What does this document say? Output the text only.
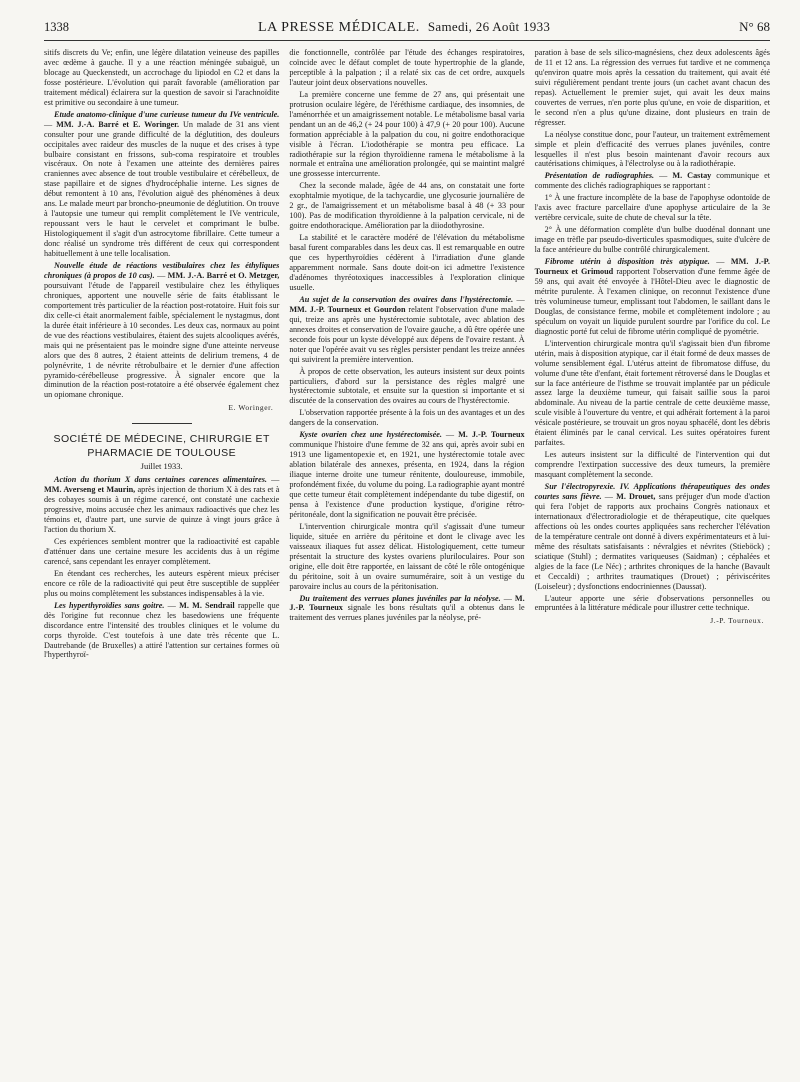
1338	LA PRESSE MÉDICALE. Samedi, 26 Août 1933	N° 68

sitifs discrets du Ve; enfin, une légère dilatation veineuse des papilles avec œdème à gauche. Il y a une réaction méningée subaiguë, un blocage au Queckenstedt, un accrochage du lipiodol en C2 et dans la fosse postérieure. L'évolution qui paraît favorable (amélioration par traitement médical) éclairera sur la question de savoir si l'arachnoïdite est primitive ou secondaire à une tumeur.

Etude anatomo-clinique d'une curieuse tumeur du IVe ventricule. — MM. J.-A. Barré et E. Woringer. Un malade de 31 ans vient consulter pour une grande difficulté de la déglutition, des douleurs occipitales avec raideur des muscles de la nuque et des crises à type bulbaire consistant en frissons, sub-coma respiratoire et troubles viscéraux. On note à l'examen une atteinte des dernières paires craniennes avec absence de tout trouble vestibulaire et cérébelleux, de stase papillaire et de signes d'hydrocéphalie interne. Les signes de début remontent à 10 ans, l'évolution aiguë des phénomènes à deux ans. Le malade meurt par broncho-pneumonie de déglutition. On trouve à l'autopsie une tumeur qui remplit complètement le IVe ventricule, repoussant vers le haut le cervelet et comprimant le bulbe. Histologiquement il s'agit d'un astrocytome fibrillaire. Cette tumeur a donc réalisé un syndrome très différent de ceux qui correspondent habituellement à une telle localisation.

Nouvelle étude de réactions vestibulaires chez les éthyliques chroniques (à propos de 10 cas). — MM. J.-A. Barré et O. Metzger, poursuivant l'étude de l'appareil vestibulaire chez les éthyliques chroniques, apportent une nouvelle série de faits établissant le comportement très particulier de la réaction post-rotatoire. Huit fois sur dix celle-ci était anormalement faible, spécialement le nystagmus, dont la durée était inférieure à 10 secondes. Les deux cas, normaux au point de vue des réactions vestibulaires, étaient des sujets alcooliques avérés, mais qui ne présentaient pas le moindre signe d'une atteinte nerveuse alors que des 8 autres, 2 étaient atteints de delirium tremens, 4 de polynévrite, 1 de névrite rétrobulbaire et le dernier d'une affection pyramido-cérébelleuse progressive. À signaler encore que la diminution de la réaction post-rotatoire a été observée également chez un opiomane chronique.

E. Woringer.
SOCIÉTÉ DE MÉDECINE, CHIRURGIE ET PHARMACIE DE TOULOUSE
Juillet 1933.

Action du thorium X dans certaines carences alimentaires. — MM. Averseng et Maurin, après injection de thorium X à des rats et à des cobayes soumis à un régime carencé, ont constaté une cachexie progressive, moins accusée chez les animaux radioactivés que chez les témoins et, d'autre part, une survie de quinze à vingt jours grâce à l'action du thorium X.

Ces expériences semblent montrer que la radioactivité est capable d'atténuer dans une certaine mesure les accidents dus à un régime carencé, sans cependant les enrayer complètement.

En étendant ces recherches, les auteurs espèrent mieux préciser encore ce rôle de la radioactivité qui peut être susceptible de suppléer plus ou moins complètement les substances indispensables à la vie.

Les hyperthyroïdies sans goitre. — M. M. Sendrail rappelle que dès l'origine fut reconnue chez les basedowiens une fréquente discordance entre l'intensité des troubles cliniques et le volume du corps thyroïde. C'est toutefois à une date très récente que L. Dautrebande (de Bruxelles) a attiré l'attention sur certaines formes où l'hyperthyroï-

die fonctionnelle, contrôlée par l'étude des échanges respiratoires, coïncide avec le défaut complet de toute hypertrophie de la glande, perceptible à la palpation ; il a relaté six cas de cet ordre, auxquels l'auteur joint deux observations nouvelles.

La première concerne une femme de 27 ans, qui présentait une protrusion oculaire légère, de l'éréthisme cardiaque, des insomnies, de l'aménorrhée et un amaigrissement notable. Le métabolisme basal varia pendant un an de 46,2 (+ 24 pour 100) à 47,9 (+ 20 pour 100). Aucune formation appréciable à la palpation du cou, ni goitre endothoracique visible à l'écran. L'iodothérapie se montra peu efficace. La radiothérapie sur la région thyroïdienne ramena le métabolisme à la normale et entraîna une amélioration prolongée, qui se maintint malgré une grossesse intercurrente.

Chez la seconde malade, âgée de 44 ans, on constatait une forte exophtalmie myotique, de la tachycardie, une glycosurie journalière de 2 gr., de l'amaigrissement et un métabolisme basal à 48 (+ 33 pour 100). Pas de modification thyroïdienne à la palpation cervicale, ni de goitre endothoracique. Amélioration par la diiodothyrosine.

La stabilité et le caractère modéré de l'élévation du métabolisme basal furent comparables dans les deux cas. Il est remarquable en outre que ces hyperthyroïdies cédèrent à l'irradiation d'une glande apparemment normale. Sans doute doit-on ici admettre l'existence d'adénomes thyréotoxiques inaccessibles à l'exploration clinique usuelle.

Au sujet de la conservation des ovaires dans l'hystérectomie. — MM. J.-P. Tourneux et Gourdon relatent l'observation d'une malade qui, treize ans après une hystérectomie subtotale, avec ablation des annexes droites et conservation de l'ovaire gauche, a dû être opérée une seconde fois pour un kyste développé aux dépens de l'ovaire restant. À noter que l'opérée avait vu ses règles persister pendant les treize années qui suivirent la première intervention.

À propos de cette observation, les auteurs insistent sur deux points particuliers, d'abord sur la persistance des règles malgré une hystérectomie subtotale, et ensuite sur la question si importante et si discutée de la conservation des ovaires au cours de l'hystérectomie.

L'observation rapportée présente à la fois un des avantages et un des dangers de la conservation.

Kyste ovarien chez une hystérectomisée. — M. J.-P. Tourneux communique l'histoire d'une femme de 32 ans qui, après avoir subi en 1913 une ligamentopexie et, en 1921, une hystérectomie totale avec ablation bilatérale des annexes, présenta, en 1924, dans la région iliaque interne droite une tumeur rénitente, douloureuse, immobile, profondément fixée, du volume du poing. La radiographie ayant montré que cette tumeur était complètement indépendante du tube digestif, on pensa à l'existence d'une production kystique, d'origine rétro-péritonéale, dont la signification ne pouvait être précisée.

L'intervention chirurgicale montra qu'il s'agissait d'une tumeur liquide, située en arrière du péritoine et dont le clivage avec les vaisseaux iliaques fut assez délicat. Histologiquement, cette tumeur présentait la structure des kystes ovariens pluriloculaires. Pour son origine, elle doit être rapportée, en laissant de côté le rôle ontogénique du péritoine, soit à un ovaire surnuméraire, soit à un vestige du parovaire inclus au cours de la péritonisation.

Du traitement des verrues planes juvéniles par la néolyse. — M. J.-P. Tourneux signale les bons résultats qu'il a obtenus dans le traitement des verrues planes juvéniles par la néolyse, pré-

paration à base de sels silico-magnésiens, chez deux adolescents âgés de 11 et 12 ans. La régression des verrues fut tardive et ne commença qu'environ quatre mois après la cessation du traitement, qui avait été suivi régulièrement pendant trente jours (un cachet avant chacun des repas). Actuellement le premier sujet, qui avait les deux mains couvertes de verrues, n'en porte plus qu'une, en voie de disparition, et le second n'en a plus qu'une dizaine, dont plusieurs en train de régresser.

La néolyse constitue donc, pour l'auteur, un traitement extrêmement simple et plein d'efficacité des verrues planes juvéniles, contre lesquelles il n'est plus besoin maintenant d'avoir recours aux cautérisations chimiques, à l'électrolyse ou à la radiothérapie.

Présentation de radiographies. — M. Castay communique et commente des clichés radiographiques se rapportant :

1° À une fracture incomplète de la base de l'apophyse odontoïde de l'axis avec fracture parcellaire d'une apophyse articulaire de la 3e vertèbre cervicale, suite de chute de cheval sur la tête.

2° À une déformation complète d'un bulbe duodénal donnant une image en trèfle par pseudo-diverticules spasmodiques, suite d'ulcère de la face antérieure du bulbe contrôlé chirurgicalement.

Fibrome utérin à disposition très atypique. — MM. J.-P. Tourneux et Grimoud rapportent l'observation d'une femme âgée de 59 ans, qui avait été envoyée à l'Hôtel-Dieu avec le diagnostic de métrite purulente. À l'examen clinique, on reconnut l'existence d'une très volumineuse tumeur, emplissant tout l'abdomen, le saillant dans le Douglas, de consistance ferme, mobile et complètement indolore ; au spéculum on voyait un liquide purulent sourdre par l'orifice du col. Le diagnostic porté fut celui de fibrome utérin compliqué de pyométrie.

L'intervention chirurgicale montra qu'il s'agissait bien d'un fibrome utérin, mais à disposition atypique, car il était formé de deux masses de volume sensiblement égal. L'utérus atteint de fibromatose diffuse, du volume d'une tête d'enfant, était fortement rétroversé dans le Douglas et sur la face antérieure de l'isthme se trouvait implantée par un pédicule assez large la deuxième tumeur, qui faisait saillie sous la paroi abdominale. Au niveau de la partie centrale de cette deuxième masse, scule visible à l'ouverture du ventre, et qui adhérait fortement à la paroi vésicale postérieure, se trouvait un gros noyau sphacélé, dont les débris étaient éliminés par le canal cervical. Les suites opératoires furent parfaites.

Les auteurs insistent sur la difficulté de l'intervention qui dut comprendre l'extirpation successive des deux tumeurs, la première masquant complètement la seconde.

Sur l'électropyrexie. IV. Applications thérapeutiques des ondes courtes sans fièvre. — M. Drouet, sans préjuger d'un mode d'action qui fera l'objet de rapports aux prochains Congrès nationaux et internationaux d'électroradiologie et de thérapeutique, cite quelques affections où les ondes courtes appliquées sans rechercher l'élévation de la température centrale ont donné à divers expérimentateurs et à lui-même des résultats satisfaisants : névralgies et névrites (Stieböck) ; sciatique (Stuhl) ; dermatites variqueuses (Saidman) ; céphalées et algies de la face (Le Néc) ; arthrites chroniques de la hanche (Bavault et Ceccaldi) ; arthrites traumatiques (Drouet) ; périviscérites (Loiseleur) ; dysfonctions endocriniennes (Daussat).

L'auteur apporte une série d'observations personnelles ou empruntées à la littérature médicale pour illustrer cette technique.

J.-P. Tourneux.
